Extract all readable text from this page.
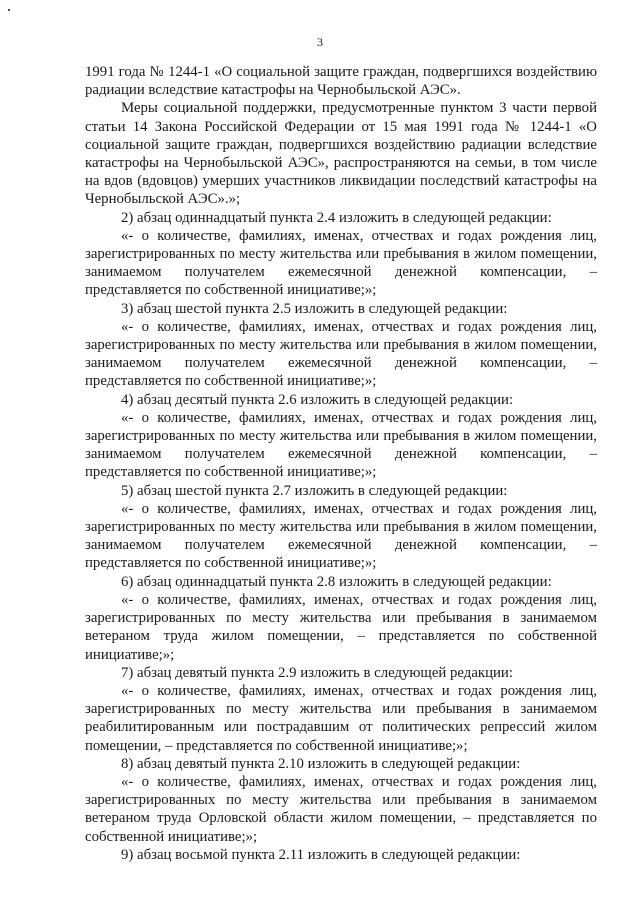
3

1991 года № 1244-1 «О социальной защите граждан, подвергшихся воздействию радиации вследствие катастрофы на Чернобыльской АЭС».

Меры социальной поддержки, предусмотренные пунктом 3 части первой статьи 14 Закона Российской Федерации от 15 мая 1991 года № 1244-1 «О социальной защите граждан, подвергшихся воздействию радиации вследствие катастрофы на Чернобыльской АЭС», распространяются на семьи, в том числе на вдов (вдовцов) умерших участников ликвидации последствий катастрофы на Чернобыльской АЭС».»;

2) абзац одиннадцатый пункта 2.4 изложить в следующей редакции:

«- о количестве, фамилиях, именах, отчествах и годах рождения лиц, зарегистрированных по месту жительства или пребывания в жилом помещении, занимаемом получателем ежемесячной денежной компенсации, – представляется по собственной инициативе;»;

3) абзац шестой пункта 2.5 изложить в следующей редакции:

«- о количестве, фамилиях, именах, отчествах и годах рождения лиц, зарегистрированных по месту жительства или пребывания в жилом помещении, занимаемом получателем ежемесячной денежной компенсации, – представляется по собственной инициативе;»;

4) абзац десятый пункта 2.6 изложить в следующей редакции:

«- о количестве, фамилиях, именах, отчествах и годах рождения лиц, зарегистрированных по месту жительства или пребывания в жилом помещении, занимаемом получателем ежемесячной денежной компенсации, – представляется по собственной инициативе;»;

5) абзац шестой пункта 2.7 изложить в следующей редакции:

«- о количестве, фамилиях, именах, отчествах и годах рождения лиц, зарегистрированных по месту жительства или пребывания в жилом помещении, занимаемом получателем ежемесячной денежной компенсации, – представляется по собственной инициативе;»;

6) абзац одиннадцатый пункта 2.8 изложить в следующей редакции:

«- о количестве, фамилиях, именах, отчествах и годах рождения лиц, зарегистрированных по месту жительства или пребывания в занимаемом ветераном труда жилом помещении, – представляется по собственной инициативе;»;

7) абзац девятый пункта 2.9 изложить в следующей редакции:

«- о количестве, фамилиях, именах, отчествах и годах рождения лиц, зарегистрированных по месту жительства или пребывания в занимаемом реабилитированным или пострадавшим от политических репрессий жилом помещении, – представляется по собственной инициативе;»;

8) абзац девятый пункта 2.10 изложить в следующей редакции:

«- о количестве, фамилиях, именах, отчествах и годах рождения лиц, зарегистрированных по месту жительства или пребывания в занимаемом ветераном труда Орловской области жилом помещении, – представляется по собственной инициативе;»;

9) абзац восьмой пункта 2.11 изложить в следующей редакции:
